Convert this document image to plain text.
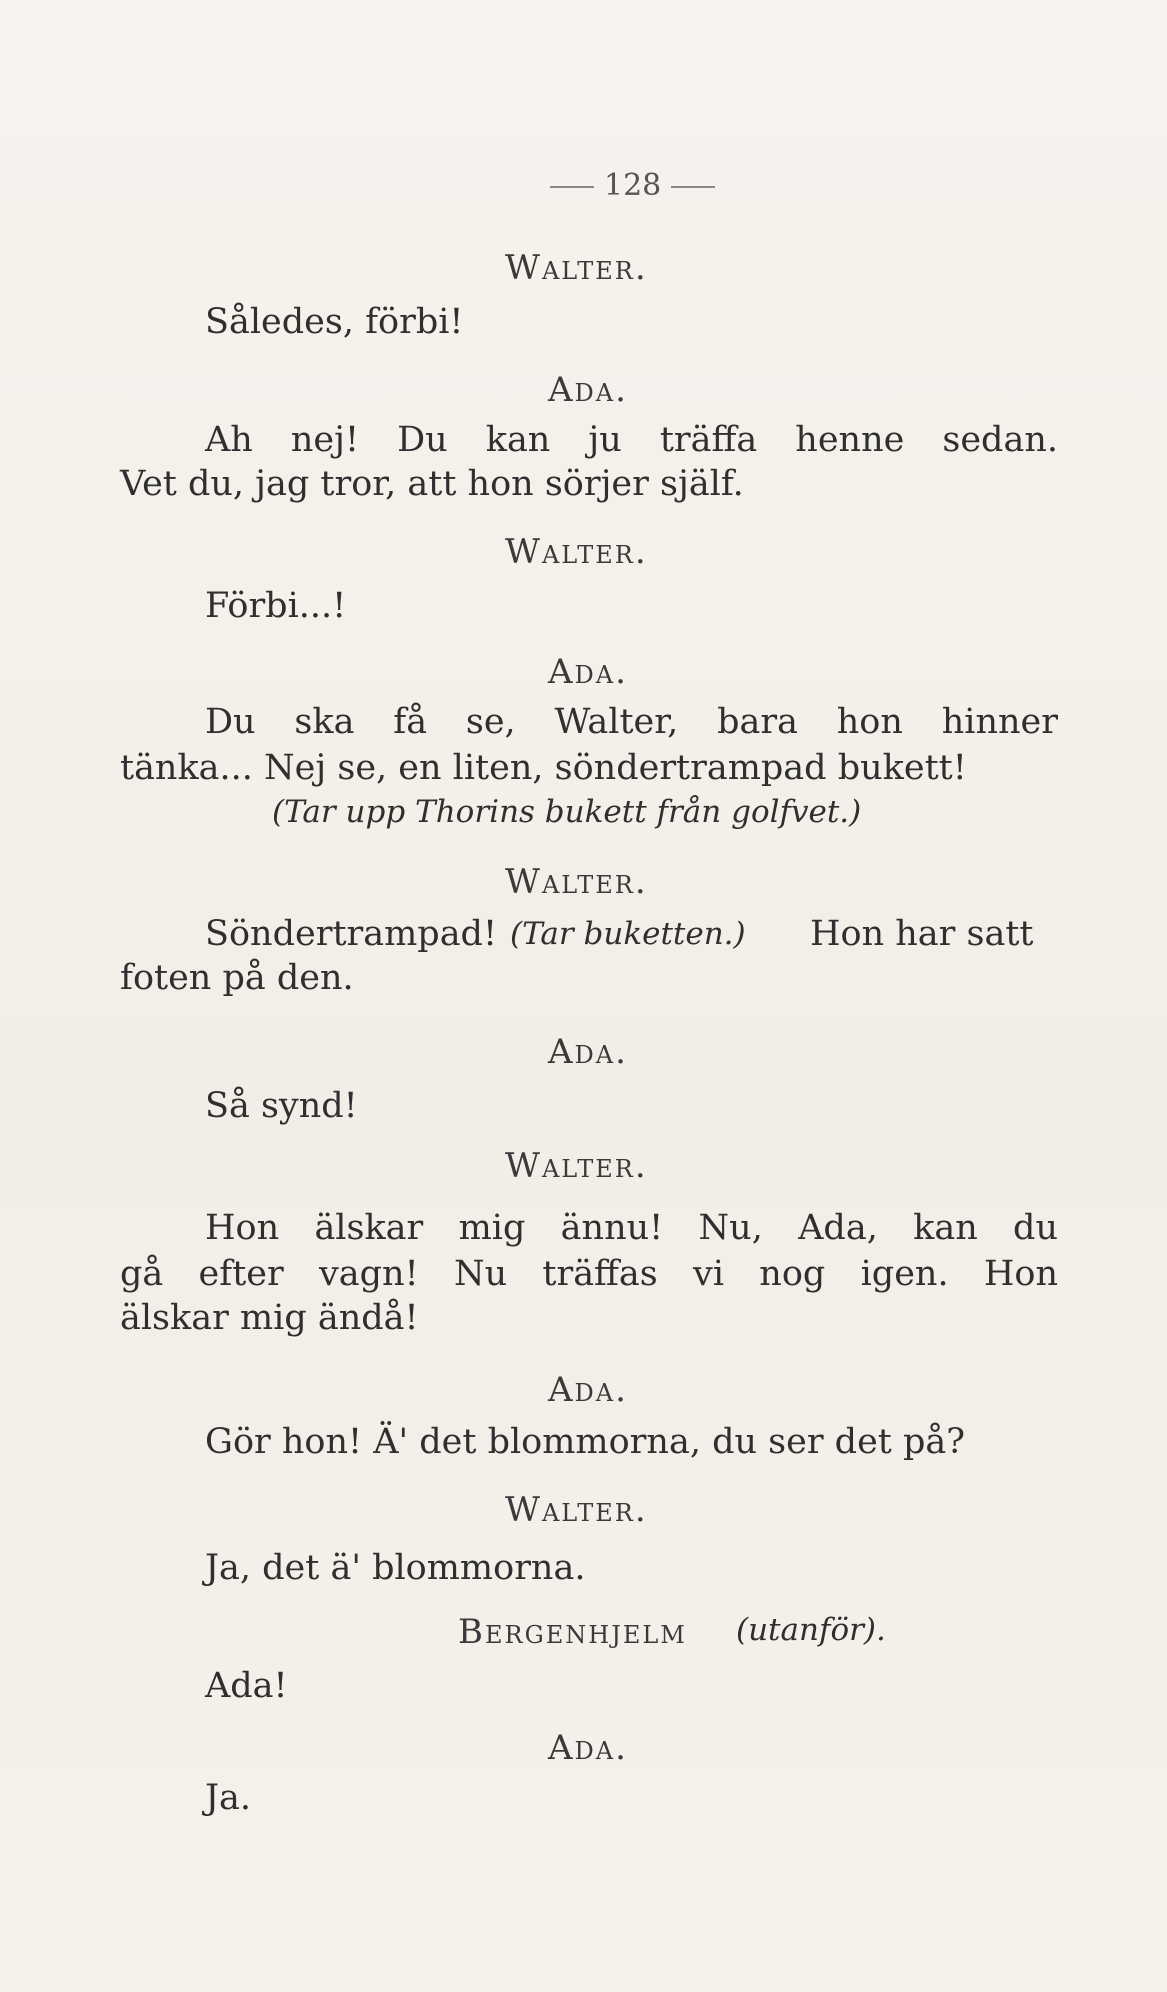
128
Walter.
Således, förbi!
Ada.
Ah nej! Du kan ju träffa henne sedan.
Vet du, jag tror, att hon sörjer själf.
Walter.
Förbi...!
Ada.
Du ska få se, Walter, bara hon hinner
tänka... Nej se, en liten, söndertrampad bukett!
(Tar upp Thorins bukett från golfvet.)
Walter.
Söndertrampad! (Tar buketten.) Hon har satt
foten på den.
Ada.
Så synd!
Walter.
Hon älskar mig ännu! Nu, Ada, kan du
gå efter vagn! Nu träffas vi nog igen. Hon
älskar mig ändå!
Ada.
Gör hon! Ä' det blommorna, du ser det på?
Walter.
Ja, det ä' blommorna.
Bergenhjelm (utanför).
Ada!
Ada.
Ja.
